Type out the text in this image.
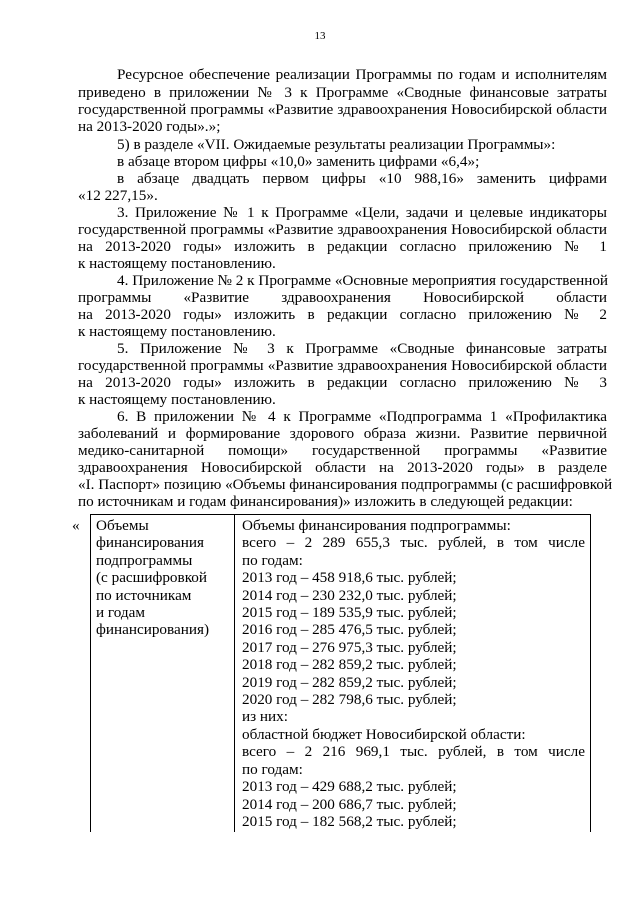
13
Ресурсное обеспечение реализации Программы по годам и исполнителям
приведено в приложении № 3 к Программе «Сводные финансовые затраты
государственной программы «Развитие здравоохранения Новосибирской области
на 2013-2020 годы».»;
5) в разделе «VII. Ожидаемые результаты реализации Программы»:
в абзаце втором цифры «10,0» заменить цифрами «6,4»;
в абзаце двадцать первом цифры «10 988,16» заменить цифрами
«12 227,15».
3. Приложение № 1 к Программе «Цели, задачи и целевые индикаторы
государственной программы «Развитие здравоохранения Новосибирской области
на 2013-2020 годы» изложить в редакции согласно приложению № 1
к настоящему постановлению.
4. Приложение № 2 к Программе «Основные мероприятия государственной
программы «Развитие здравоохранения Новосибирской области
на 2013-2020 годы» изложить в редакции согласно приложению № 2
к настоящему постановлению.
5. Приложение № 3 к Программе «Сводные финансовые затраты
государственной программы «Развитие здравоохранения Новосибирской области
на 2013-2020 годы» изложить в редакции согласно приложению № 3
к настоящему постановлению.
6. В приложении № 4 к Программе «Подпрограмма 1 «Профилактика
заболеваний и формирование здорового образа жизни. Развитие первичной
медико-санитарной помощи» государственной программы «Развитие
здравоохранения Новосибирской области на 2013-2020 годы» в разделе
«I. Паспорт» позицию «Объемы финансирования подпрограммы (с расшифровкой
по источникам и годам финансирования)» изложить в следующей редакции:
« Объемы
финансирования
подпрограммы
(с расшифровкой
по источникам
и годам
финансирования)
Объемы финансирования подпрограммы:
всего – 2 289 655,3 тыс. рублей, в том числе
по годам:
2013 год – 458 918,6 тыс. рублей;
2014 год – 230 232,0 тыс. рублей;
2015 год – 189 535,9 тыс. рублей;
2016 год – 285 476,5 тыс. рублей;
2017 год – 276 975,3 тыс. рублей;
2018 год – 282 859,2 тыс. рублей;
2019 год – 282 859,2 тыс. рублей;
2020 год – 282 798,6 тыс. рублей;
из них:
областной бюджет Новосибирской области:
всего – 2 216 969,1 тыс. рублей, в том числе
по годам:
2013 год – 429 688,2 тыс. рублей;
2014 год – 200 686,7 тыс. рублей;
2015 год – 182 568,2 тыс. рублей;
